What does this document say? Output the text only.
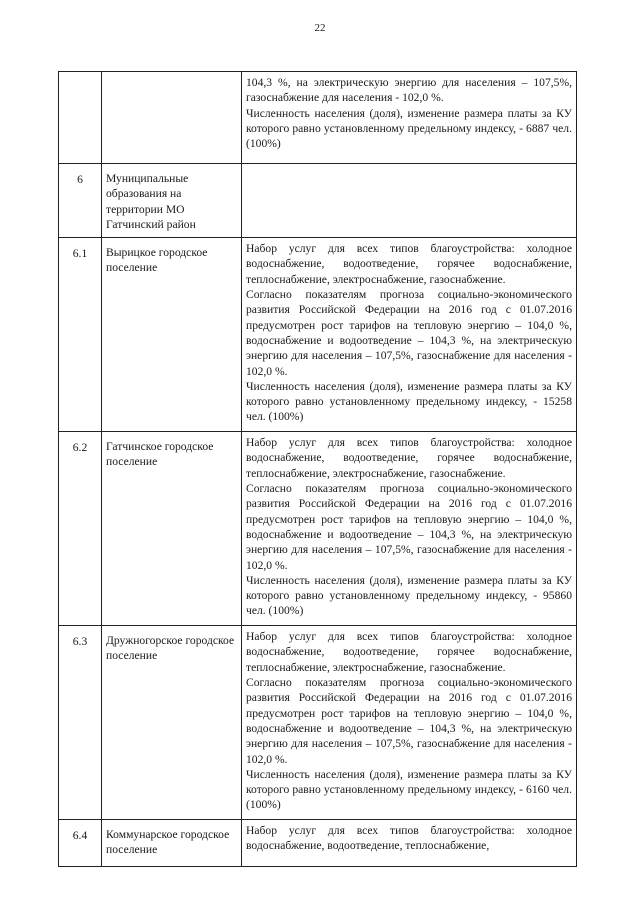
22

		104,3 %, на электрическую энергию для населения – 107,5%, газоснабжение для населения - 102,0 %.

Численность населения (доля), изменение размера платы за КУ которого равно установленному предельному индексу, - 6887 чел. (100%)

6	Муниципальные образования на территории МО Гатчинский район	
6.1	Вырицкое городское поселение	Набор услуг для всех типов благоустройства: холодное водоснабжение, водоотведение, горячее водоснабжение, теплоснабжение, электроснабжение, газоснабжение.

Согласно показателям прогноза социально-экономического развития Российской Федерации на 2016 год с 01.07.2016 предусмотрен рост тарифов на тепловую энергию – 104,0 %, водоснабжение и водоотведение – 104,3 %, на электрическую энергию для населения – 107,5%, газоснабжение для населения - 102,0 %.

Численность населения (доля), изменение размера платы за КУ которого равно установленному предельному индексу, - 15258 чел. (100%)

6.2	Гатчинское городское поселение	Набор услуг для всех типов благоустройства: холодное водоснабжение, водоотведение, горячее водоснабжение, теплоснабжение, электроснабжение, газоснабжение.

Согласно показателям прогноза социально-экономического развития Российской Федерации на 2016 год с 01.07.2016 предусмотрен рост тарифов на тепловую энергию – 104,0 %, водоснабжение и водоотведение – 104,3 %, на электрическую энергию для населения – 107,5%, газоснабжение для населения - 102,0 %.

Численность населения (доля), изменение размера платы за КУ которого равно установленному предельному индексу, - 95860 чел. (100%)

6.3	Дружногорское городское поселение	Набор услуг для всех типов благоустройства: холодное водоснабжение, водоотведение, горячее водоснабжение, теплоснабжение, электроснабжение, газоснабжение.

Согласно показателям прогноза социально-экономического развития Российской Федерации на 2016 год с 01.07.2016 предусмотрен рост тарифов на тепловую энергию – 104,0 %, водоснабжение и водоотведение – 104,3 %, на электрическую энергию для населения – 107,5%, газоснабжение для населения - 102,0 %.

Численность населения (доля), изменение размера платы за КУ которого равно установленному предельному индексу, - 6160 чел. (100%)

6.4	Коммунарское городское поселение	Набор услуг для всех типов благоустройства: холодное водоснабжение, водоотведение, теплоснабжение,
